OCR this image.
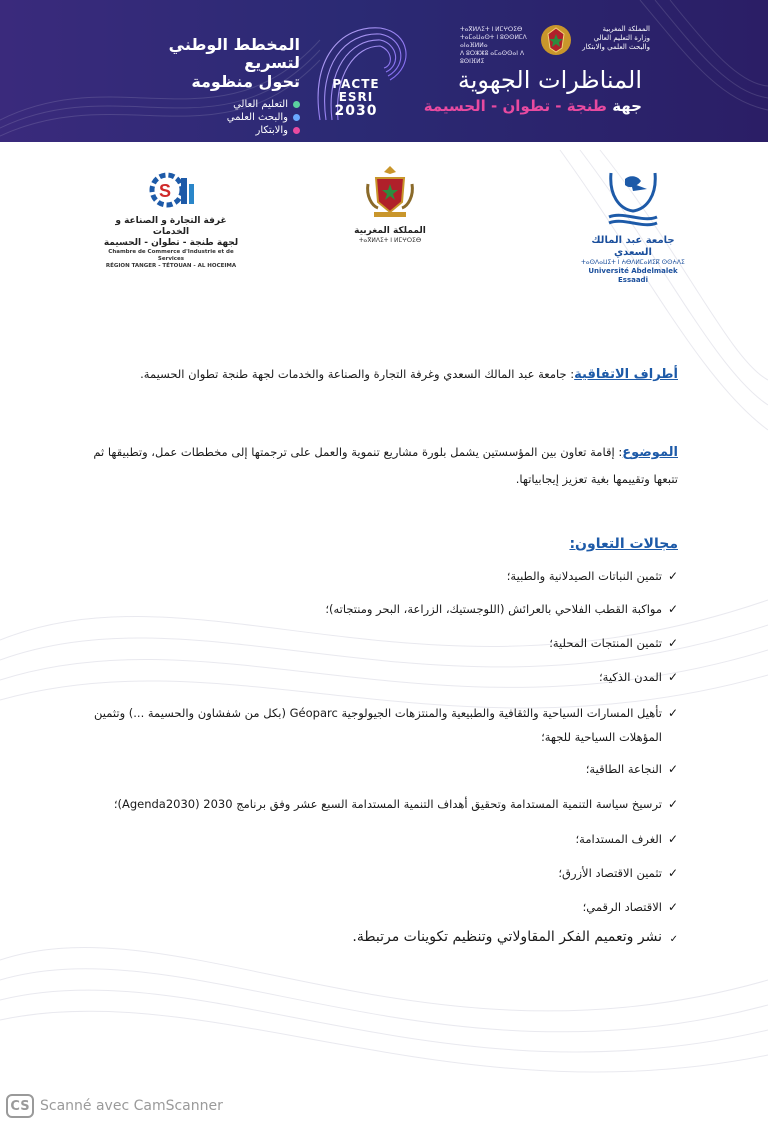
المخطط الوطني لتسريع
تحول منظومة
التعليم العالي
والبحث العلمي
والابتكار
PACTE
ESRI
2030
ⵜⴰⴳⵍⴷⵉⵜ ⵏ ⵍⵎⵖⵔⵉⴱ
ⵜⴰⵎⴰⵡⴰⵙⵜ ⵏ ⵓⵙⵙⵍⵎⴷ ⴰⵏⴰⴼⵍⵍⴰ
ⴷ ⵓⵔⵣⵣⵓ ⴰⵎⴰⵙⵙⴰⵏ ⴷ ⵓⵙⵏⴼⵍⵉ
المملكة المغربية
وزارة التعليم العالي
والبحث العلمي والابتكار
المناظرات الجهوية
جهة طنجة - تطوان - الحسيمة
S
غرفة التجارة و الصناعة و الخدمات
لجهة طنجة - تطوان - الحسيمة
Chambre de Commerce d'Industrie et de Services
RÉGION TANGER - TÉTOUAN - AL HOCEIMA
المملكة المغربية
ⵜⴰⴳⵍⴷⵉⵜ ⵏ ⵍⵎⵖⵔⵉⴱ	جامعة عبد المالك السعدي
ⵜⴰⵙⴷⴰⵡⵉⵜ ⵏ ⵄⴱⴷⵍⵎⴰⵍⵉⴽ ⵙⵙⵄⴷⵉ
Université Abdelmalek Essaadi
أطراف الاتفاقية: جامعة عبد المالك السعدي وغرفة التجارة والصناعة والخدمات لجهة طنجة تطوان الحسيمة.
الموضوع: إقامة تعاون بين المؤسستين يشمل بلورة مشاريع تنموية والعمل على ترجمتها إلى مخططات عمل، وتطبيقها ثم تتبعها وتقييمها بغية تعزيز إيجابياتها.
مجالات التعاون:
✓
تثمين النباتات الصيدلانية والطبية؛
✓
مواكبة القطب الفلاحي بالعرائش (اللوجستيك، الزراعة، البحر ومنتجاته)؛
✓
تثمين المنتجات المحلية؛
✓
المدن الذكية؛
✓
تأهيل المسارات السياحية والثقافية والطبيعية والمنتزهات الجيولوجية Géoparc (بكل من شفشاون والحسيمة ...) وتثمين المؤهلات السياحية للجهة؛
✓
النجاعة الطاقية؛
✓
ترسيخ سياسة التنمية المستدامة وتحقيق أهداف التنمية المستدامة السبع عشر وفق برنامج 2030 (Agenda2030)؛
✓
الغرف المستدامة؛
✓
تثمين الاقتصاد الأزرق؛
✓
الاقتصاد الرقمي؛
✓
نشر وتعميم الفكر المقاولاتي وتنظيم تكوينات مرتبطة.
CS Scanné avec CamScanner
